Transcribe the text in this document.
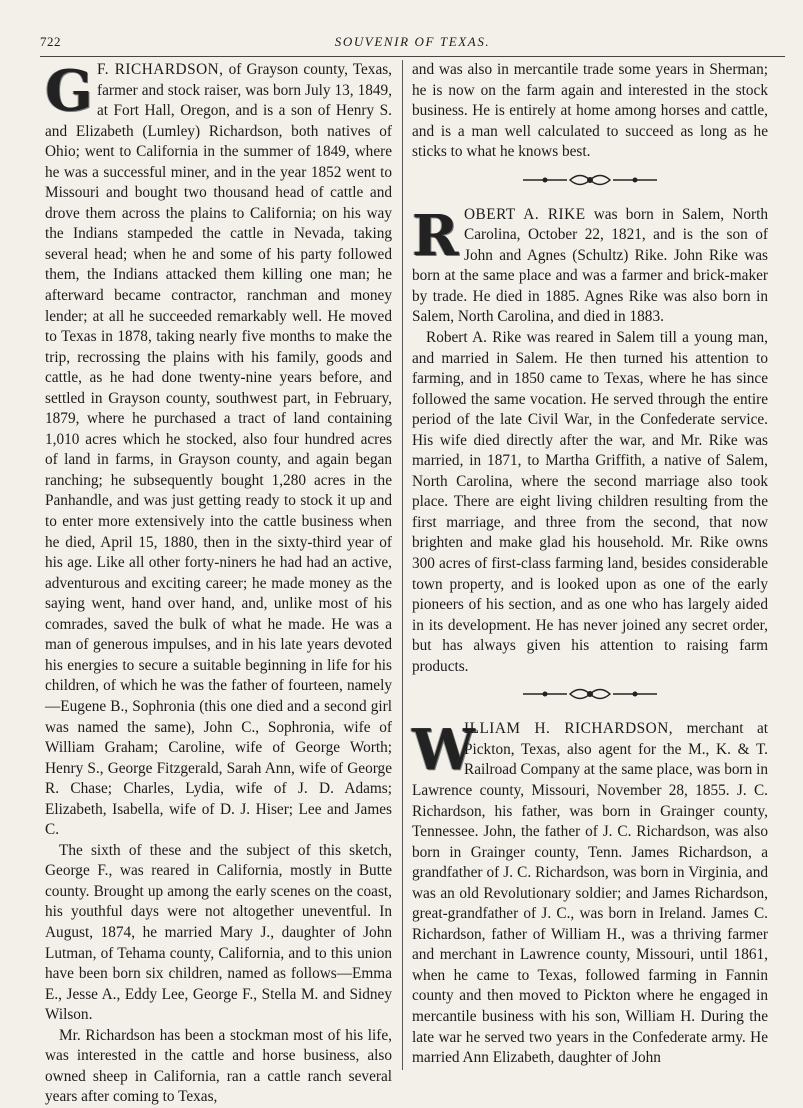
722	SOUVENIR OF TEXAS.
G F. RICHARDSON, of Grayson county, Texas, farmer and stock raiser, was born July 13, 1849, at Fort Hall, Oregon, and is a son of Henry S. and Elizabeth (Lumley) Richardson, both natives of Ohio; went to California in the summer of 1849, where he was a successful miner, and in the year 1852 went to Missouri and bought two thousand head of cattle and drove them across the plains to California; on his way the Indians stampeded the cattle in Nevada, taking several head; when he and some of his party followed them, the Indians attacked them killing one man; he afterward became contractor, ranchman and money lender; at all he succeeded remarkably well. He moved to Texas in 1878, taking nearly five months to make the trip, recrossing the plains with his family, goods and cattle, as he had done twenty-nine years before, and settled in Grayson county, southwest part, in February, 1879, where he purchased a tract of land containing 1,010 acres which he stocked, also four hundred acres of land in farms, in Grayson county, and again began ranching; he subsequently bought 1,280 acres in the Panhandle, and was just getting ready to stock it up and to enter more extensively into the cattle business when he died, April 15, 1880, then in the sixty-third year of his age. Like all other forty-niners he had had an active, adventurous and exciting career; he made money as the saying went, hand over hand, and, unlike most of his comrades, saved the bulk of what he made. He was a man of generous impulses, and in his late years devoted his energies to secure a suitable beginning in life for his children, of which he was the father of fourteen, namely—Eugene B., Sophronia (this one died and a second girl was named the same), John C., Sophronia, wife of William Graham; Caroline, wife of George Worth; Henry S., George Fitzgerald, Sarah Ann, wife of George R. Chase; Charles, Lydia, wife of J. D. Adams; Elizabeth, Isabella, wife of D. J. Hiser; Lee and James C.

The sixth of these and the subject of this sketch, George F., was reared in California, mostly in Butte county. Brought up among the early scenes on the coast, his youthful days were not altogether uneventful. In August, 1874, he married Mary J., daughter of John Lutman, of Tehama county, California, and to this union have been born six children, named as follows—Emma E., Jesse A., Eddy Lee, George F., Stella M. and Sidney Wilson.

Mr. Richardson has been a stockman most of his life, was interested in the cattle and horse business, also owned sheep in California, ran a cattle ranch several years after coming to Texas,

and was also in mercantile trade some years in Sherman; he is now on the farm again and interested in the stock business. He is entirely at home among horses and cattle, and is a man well calculated to succeed as long as he sticks to what he knows best.

R OBERT A. RIKE was born in Salem, North Carolina, October 22, 1821, and is the son of John and Agnes (Schultz) Rike. John Rike was born at the same place and was a farmer and brick-maker by trade. He died in 1885. Agnes Rike was also born in Salem, North Carolina, and died in 1883.

Robert A. Rike was reared in Salem till a young man, and married in Salem. He then turned his attention to farming, and in 1850 came to Texas, where he has since followed the same vocation. He served through the entire period of the late Civil War, in the Confederate service. His wife died directly after the war, and Mr. Rike was married, in 1871, to Martha Griffith, a native of Salem, North Carolina, where the second marriage also took place. There are eight living children resulting from the first marriage, and three from the second, that now brighten and make glad his household. Mr. Rike owns 300 acres of first-class farming land, besides considerable town property, and is looked upon as one of the early pioneers of his section, and as one who has largely aided in its development. He has never joined any secret order, but has always given his attention to raising farm products.

W

ILLIAM H. RICHARDSON, merchant at Pickton, Texas, also agent for the M., K. & T. Railroad Company at the same place, was born in Lawrence county, Missouri, November 28, 1855. J. C. Richardson, his father, was born in Grainger county, Tennessee. John, the father of J. C. Richardson, was also born in Grainger county, Tenn. James Richardson, a grandfather of J. C. Richardson, was born in Virginia, and was an old Revolutionary soldier; and James Richardson, great-grandfather of J. C., was born in Ireland. James C. Richardson, father of William H., was a thriving farmer and merchant in Lawrence county, Missouri, until 1861, when he came to Texas, followed farming in Fannin county and then moved to Pickton where he engaged in mercantile business with his son, William H. During the late war he served two years in the Confederate army. He married Ann Elizabeth, daughter of John
